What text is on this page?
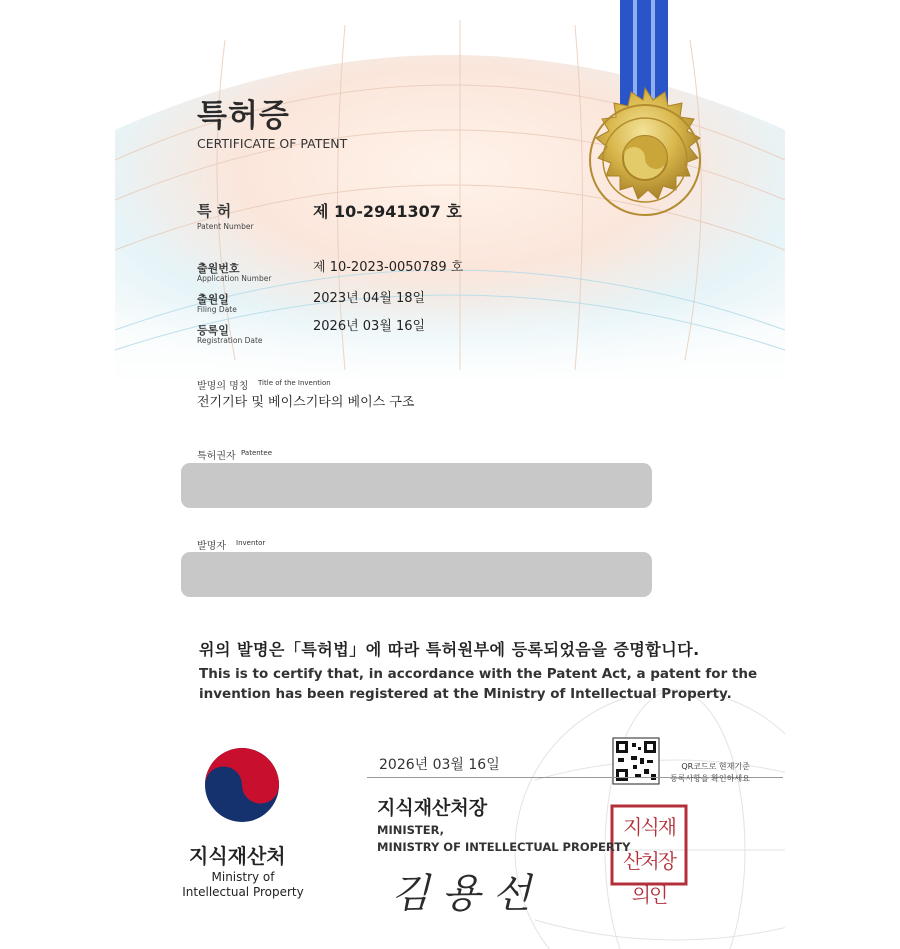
특허증
CERTIFICATE OF PATENT
특 허
Patent Number
제 10-2941307 호
출원번호
Application Number
제 10-2023-0050789 호
출원일
Filing Date
2023년 04월 18일
등록일
Registration Date
2026년 03월 16일
발명의 명칭 Title of the Invention
전기기타 및 베이스기타의 베이스 구조
특허권자 Patentee
발명자 Inventor
위의 발명은「특허법」에 따라 특허원부에 등록되었음을 증명합니다.
This is to certify that, in accordance with the Patent Act, a patent for the
invention has been registered at the Ministry of Intellectual Property.
2026년 03월 16일	QR코드로 현재기준
등록사항을 확인하세요
지식재산처장
MINISTER,
MINISTRY OF INTELLECTUAL PROPERTY
지식재산처장의인
김용선
지식재산처
Ministry of
Intellectual Property
